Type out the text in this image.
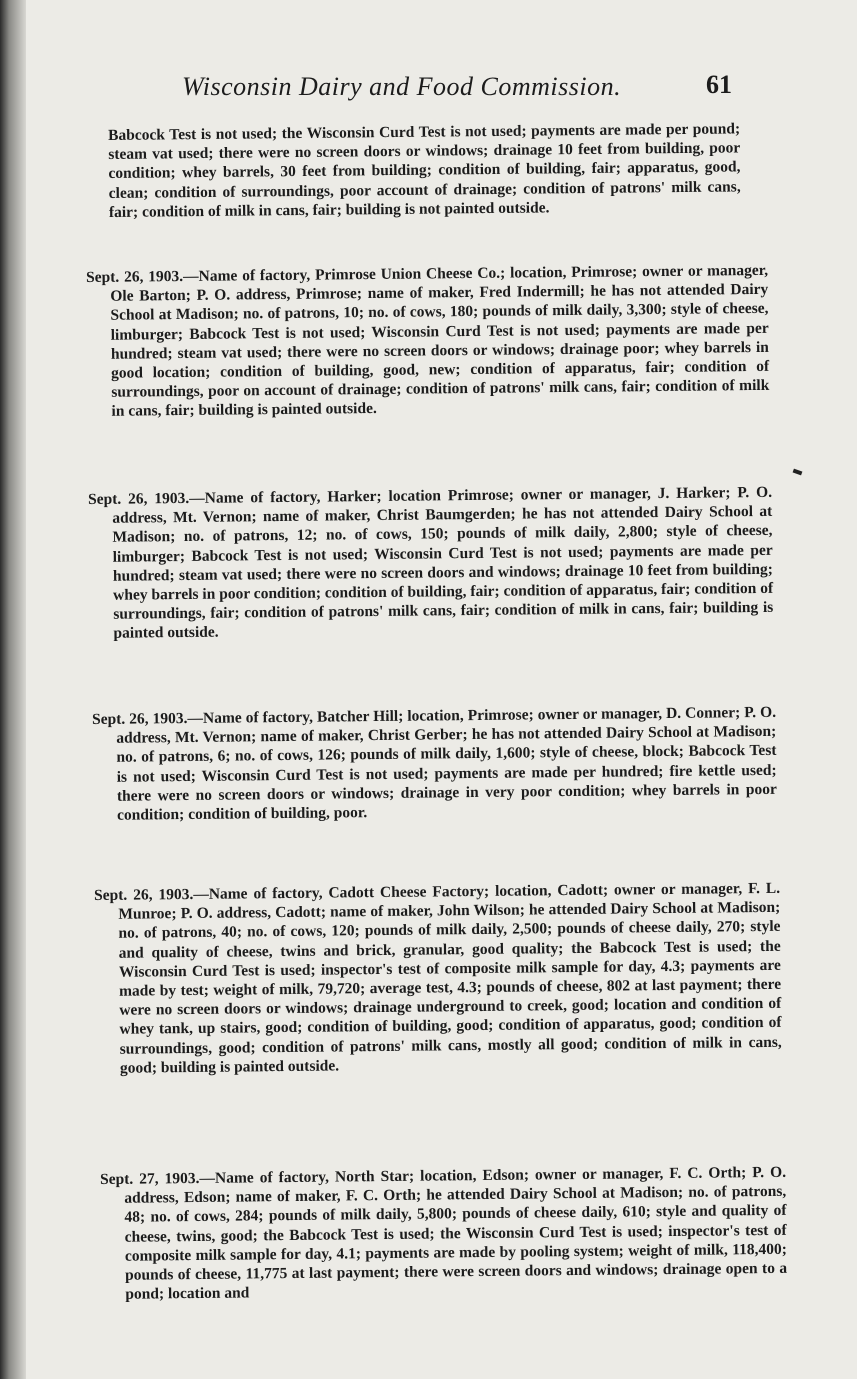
Wisconsin Dairy and Food Commission.	61
Babcock Test is not used; the Wisconsin Curd Test is not used; payments are made per pound; steam vat used; there were no screen doors or windows; drainage 10 feet from building, poor condition; whey barrels, 30 feet from building; condition of building, fair; apparatus, good, clean; condition of surroundings, poor account of drainage; condition of patrons' milk cans, fair; condition of milk in cans, fair; building is not painted outside.
Sept. 26, 1903.—Name of factory, Primrose Union Cheese Co.; location, Primrose; owner or manager, Ole Barton; P. O. address, Primrose; name of maker, Fred Indermill; he has not attended Dairy School at Madison; no. of patrons, 10; no. of cows, 180; pounds of milk daily, 3,300; style of cheese, limburger; Babcock Test is not used; Wisconsin Curd Test is not used; payments are made per hundred; steam vat used; there were no screen doors or windows; drainage poor; whey barrels in good location; condition of building, good, new; condition of apparatus, fair; condition of surroundings, poor on account of drainage; condition of patrons' milk cans, fair; condition of milk in cans, fair; building is painted outside.
Sept. 26, 1903.—Name of factory, Harker; location Primrose; owner or manager, J. Harker; P. O. address, Mt. Vernon; name of maker, Christ Baumgerden; he has not attended Dairy School at Madison; no. of patrons, 12; no. of cows, 150; pounds of milk daily, 2,800; style of cheese, limburger; Babcock Test is not used; Wisconsin Curd Test is not used; payments are made per hundred; steam vat used; there were no screen doors and windows; drainage 10 feet from building; whey barrels in poor condition; condition of building, fair; condition of apparatus, fair; condition of surroundings, fair; condition of patrons' milk cans, fair; condition of milk in cans, fair; building is painted outside.
Sept. 26, 1903.—Name of factory, Batcher Hill; location, Primrose; owner or manager, D. Conner; P. O. address, Mt. Vernon; name of maker, Christ Gerber; he has not attended Dairy School at Madison; no. of patrons, 6; no. of cows, 126; pounds of milk daily, 1,600; style of cheese, block; Babcock Test is not used; Wisconsin Curd Test is not used; payments are made per hundred; fire kettle used; there were no screen doors or windows; drainage in very poor condition; whey barrels in poor condition; condition of building, poor.
Sept. 26, 1903.—Name of factory, Cadott Cheese Factory; location, Cadott; owner or manager, F. L. Munroe; P. O. address, Cadott; name of maker, John Wilson; he attended Dairy School at Madison; no. of patrons, 40; no. of cows, 120; pounds of milk daily, 2,500; pounds of cheese daily, 270; style and quality of cheese, twins and brick, granular, good quality; the Babcock Test is used; the Wisconsin Curd Test is used; inspector's test of composite milk sample for day, 4.3; payments are made by test; weight of milk, 79,720; average test, 4.3; pounds of cheese, 802 at last payment; there were no screen doors or windows; drainage underground to creek, good; location and condition of whey tank, up stairs, good; condition of building, good; condition of apparatus, good; condition of surroundings, good; condition of patrons' milk cans, mostly all good; condition of milk in cans, good; building is painted outside.
Sept. 27, 1903.—Name of factory, North Star; location, Edson; owner or manager, F. C. Orth; P. O. address, Edson; name of maker, F. C. Orth; he attended Dairy School at Madison; no. of patrons, 48; no. of cows, 284; pounds of milk daily, 5,800; pounds of cheese daily, 610; style and quality of cheese, twins, good; the Babcock Test is used; the Wisconsin Curd Test is used; inspector's test of composite milk sample for day, 4.1; payments are made by pooling system; weight of milk, 118,400; pounds of cheese, 11,775 at last payment; there were screen doors and windows; drainage open to a pond; location and
